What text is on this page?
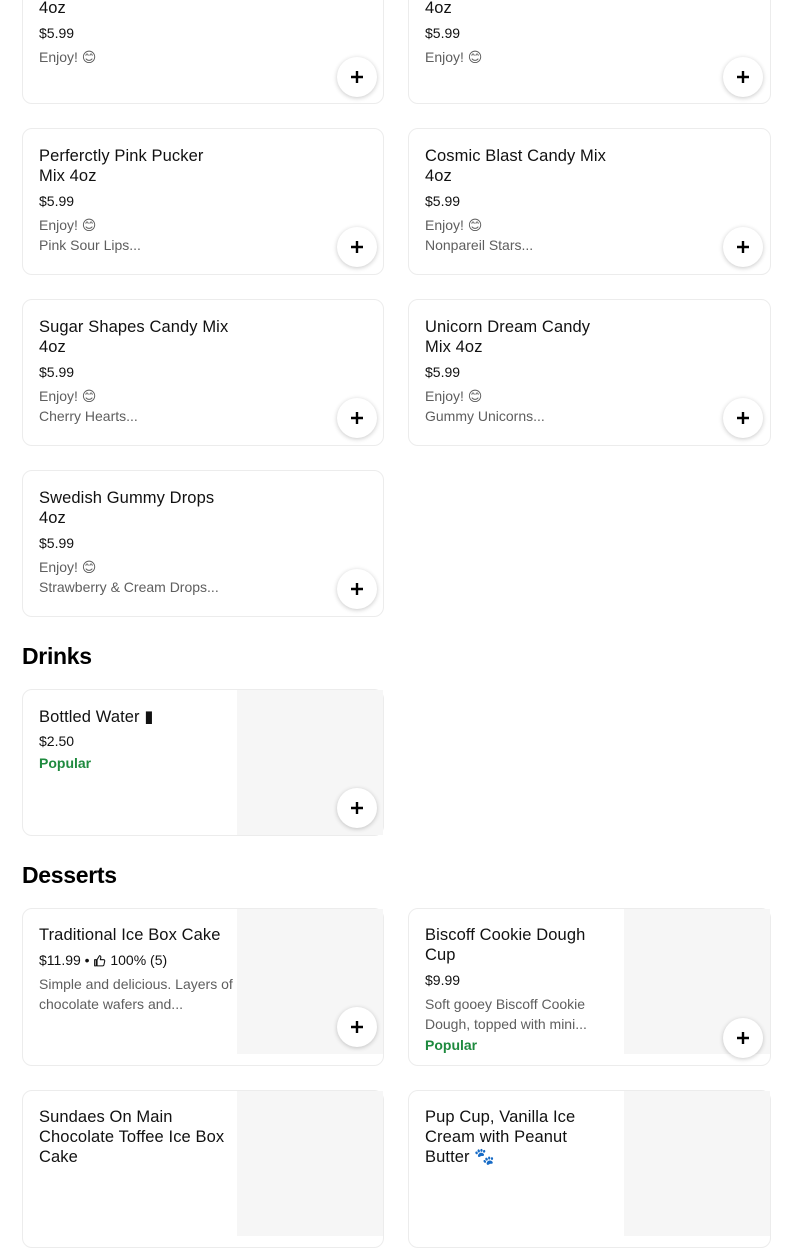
4oz
$5.99
Enjoy! 😊
4oz
$5.99
Enjoy! 😊
Perferctly Pink Pucker Mix 4oz
$5.99
Enjoy! 😊
Pink Sour Lips...
Cosmic Blast Candy Mix 4oz
$5.99
Enjoy! 😊
Nonpareil Stars...
Sugar Shapes Candy Mix 4oz
$5.99
Enjoy! 😊
Cherry Hearts...
Unicorn Dream Candy Mix 4oz
$5.99
Enjoy! 😊
Gummy Unicorns...
Swedish Gummy Drops 4oz
$5.99
Enjoy! 😊
Strawberry & Cream Drops...
Drinks
Bottled Water ▮
$2.50
Popular
Desserts
Traditional Ice Box Cake
$11.99 • 100% (5)
Simple and delicious. Layers of chocolate wafers and...
Biscoff Cookie Dough Cup
$9.99
Soft gooey Biscoff Cookie Dough, topped with mini...
Popular
Sundaes On Main Chocolate Toffee Ice Box Cake
Pup Cup, Vanilla Ice Cream with Peanut Butter 🐾
